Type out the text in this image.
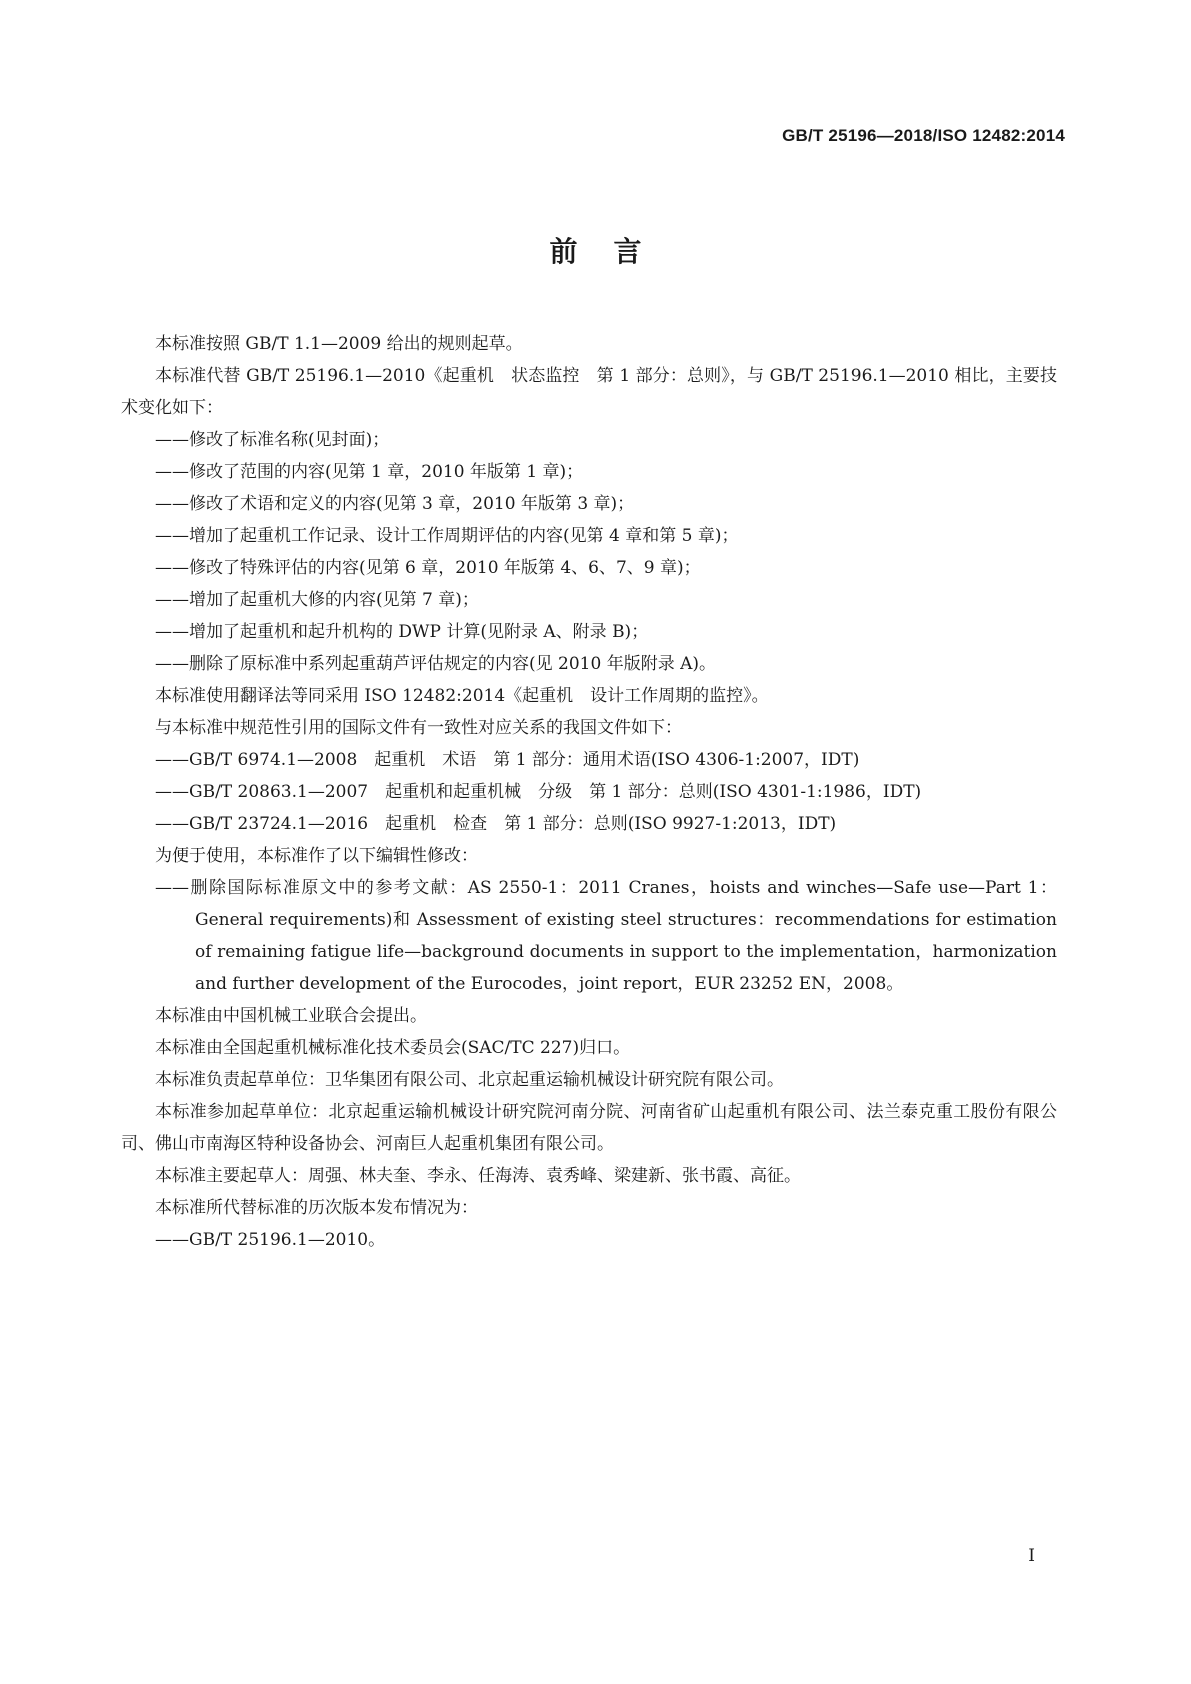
GB/T 25196—2018/ISO 12482:2014
前言

本标准按照 GB/T 1.1—2009 给出的规则起草。

本标准代替 GB/T 25196.1—2010《起重机　状态监控　第 1 部分：总则》，与 GB/T 25196.1—2010 相比，主要技术变化如下：

——修改了标准名称(见封面)；

——修改了范围的内容(见第 1 章，2010 年版第 1 章)；

——修改了术语和定义的内容(见第 3 章，2010 年版第 3 章)；

——增加了起重机工作记录、设计工作周期评估的内容(见第 4 章和第 5 章)；

——修改了特殊评估的内容(见第 6 章，2010 年版第 4、6、7、9 章)；

——增加了起重机大修的内容(见第 7 章)；

——增加了起重机和起升机构的 DWP 计算(见附录 A、附录 B)；

——删除了原标准中系列起重葫芦评估规定的内容(见 2010 年版附录 A)。

本标准使用翻译法等同采用 ISO 12482:2014《起重机　设计工作周期的监控》。

与本标准中规范性引用的国际文件有一致性对应关系的我国文件如下：

——GB/T 6974.1—2008　起重机　术语　第 1 部分：通用术语(ISO 4306-1:2007，IDT)

——GB/T 20863.1—2007　起重机和起重机械　分级　第 1 部分：总则(ISO 4301-1:1986，IDT)

——GB/T 23724.1—2016　起重机　检查　第 1 部分：总则(ISO 9927-1:2013，IDT)

为便于使用，本标准作了以下编辑性修改：

——删除国际标准原文中的参考文献：AS 2550-1：2011 Cranes，hoists and winches—Safe use—Part 1：General requirements)和 Assessment of existing steel structures：recommendations for estimation of remaining fatigue life—background documents in support to the implementation，harmonization and further development of the Eurocodes，joint report，EUR 23252 EN，2008。

本标准由中国机械工业联合会提出。

本标准由全国起重机械标准化技术委员会(SAC/TC 227)归口。

本标准负责起草单位：卫华集团有限公司、北京起重运输机械设计研究院有限公司。

本标准参加起草单位：北京起重运输机械设计研究院河南分院、河南省矿山起重机有限公司、法兰泰克重工股份有限公司、佛山市南海区特种设备协会、河南巨人起重机集团有限公司。

本标准主要起草人：周强、林夫奎、李永、任海涛、袁秀峰、梁建新、张书霞、高征。

本标准所代替标准的历次版本发布情况为：

——GB/T 25196.1—2010。

I
